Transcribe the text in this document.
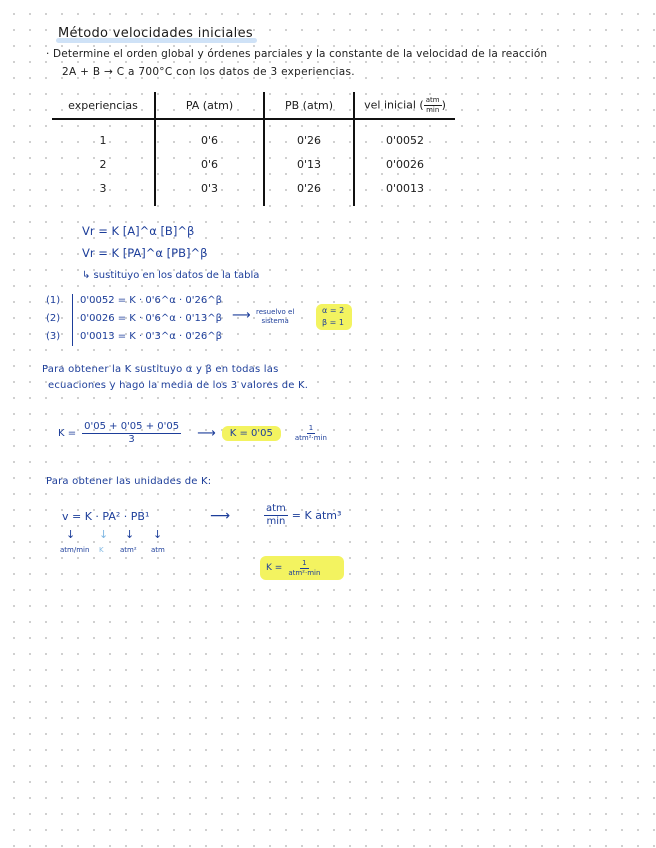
Método velocidades iniciales
· Determine el orden global y órdenes parciales y la constante de la velocidad de la reacción
2A + B → C a 700°C con los datos de 3 experiencias.
experiencias	PA (atm)	PB (atm)	vel inicial ( $\frac{\text{atm}}{\min}$ )
1	0'6	0'26	0'0052
2	0'6	0'13	0'0026
3	0'3	0'26	0'0013
Vr = K [A]^α [B]^β
Vr = K [PA]^α [PB]^β
↳ sustituyo en los datos de la tabla
(1)
(2)
(3)
0'0052 = K · 0'6^α · 0'26^β
0'0026 = K · 0'6^α · 0'13^β
0'0013 = K · 0'3^α · 0'26^β
⟶ resuelvo el
sistema
α = 2
β = 1
Para obtener la K sustituyo α y β en todas las
ecuaciones y hago la media de los 3 valores de K.
$K = \frac{0'05 + 0'05 + 0'05}{3}$ ⟶	K = 0'05	$\frac{1}{\text{atm²·min}}$
Para obtener las unidades de K:
v = K · PA² · PB¹	⟶	$\frac{\text{atm}}{\min} = K$ atm³
↓ ↓ ↓ ↓
atm/min K atm² atm
$K = \frac{1}{\text{atm²·min}}$
